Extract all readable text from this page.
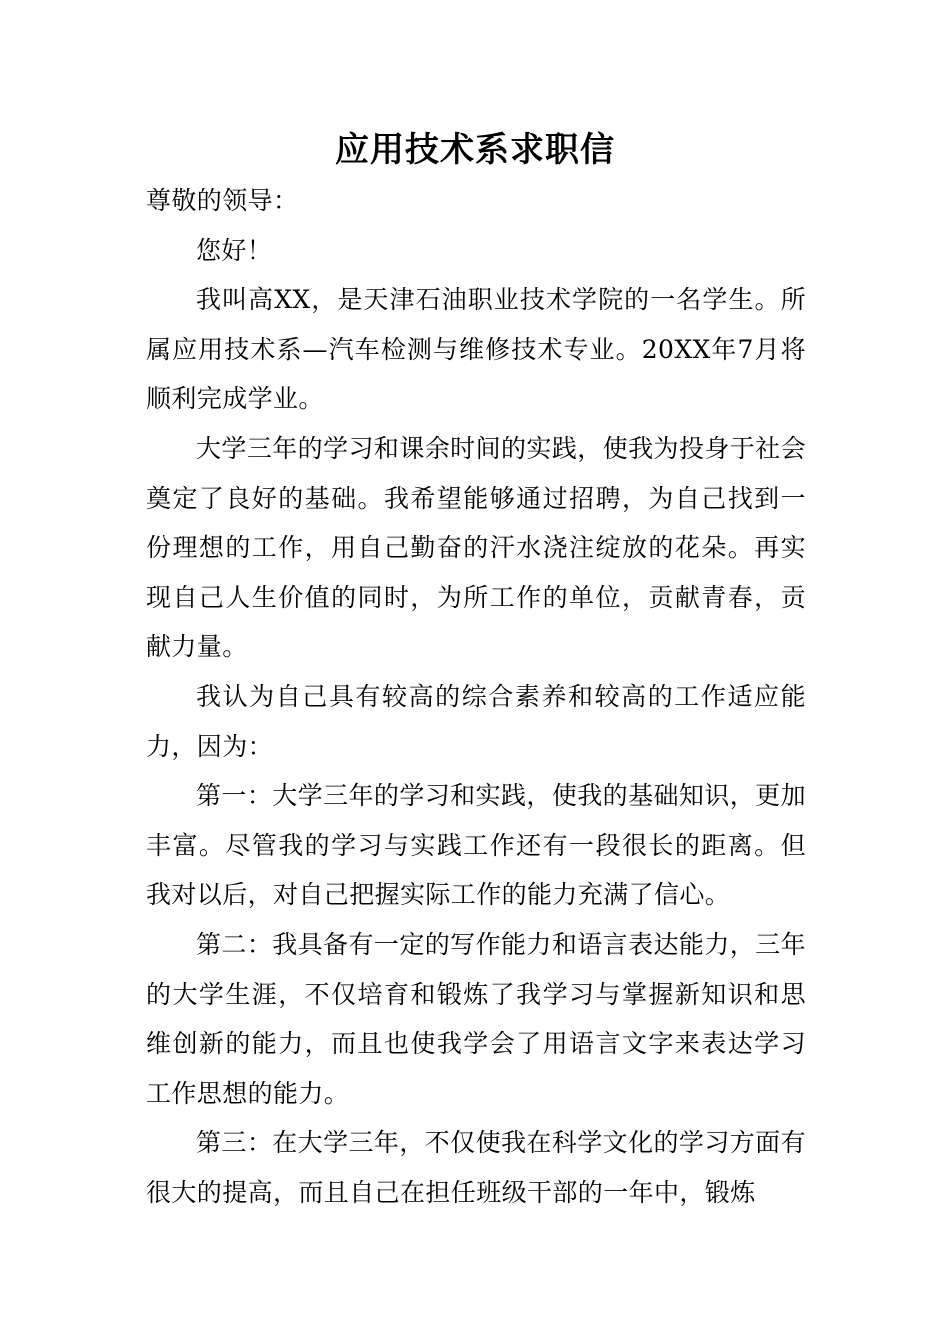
应用技术系求职信

尊敬的领导：

您好！

我叫高XX，是天津石油职业技术学院的一名学生。所属应用技术系—汽车检测与维修技术专业。20XX年7月将顺利完成学业。

大学三年的学习和课余时间的实践，使我为投身于社会奠定了良好的基础。我希望能够通过招聘，为自己找到一份理想的工作，用自己勤奋的汗水浇注绽放的花朵。再实现自己人生价值的同时，为所工作的单位，贡献青春，贡献力量。

我认为自己具有较高的综合素养和较高的工作适应能力，因为：

第一：大学三年的学习和实践，使我的基础知识，更加丰富。尽管我的学习与实践工作还有一段很长的距离。但我对以后，对自己把握实际工作的能力充满了信心。

第二：我具备有一定的写作能力和语言表达能力，三年的大学生涯，不仅培育和锻炼了我学习与掌握新知识和思维创新的能力，而且也使我学会了用语言文字来表达学习工作思想的能力。

第三：在大学三年，不仅使我在科学文化的学习方面有很大的提高，而且自己在担任班级干部的一年中，锻炼
